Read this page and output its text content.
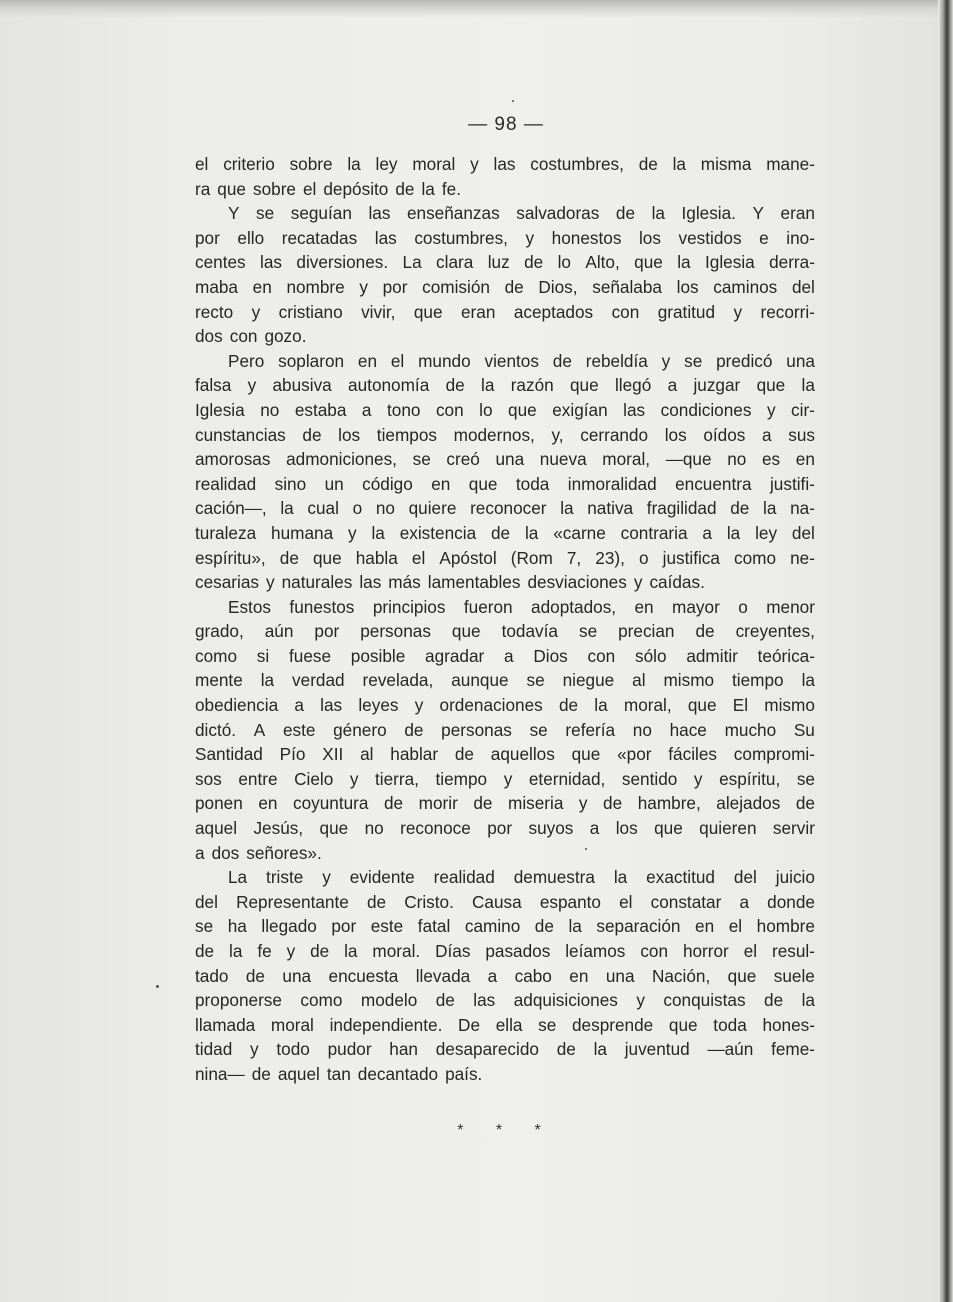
— 98 —
el criterio sobre la ley moral y las costumbres, de la misma mane-
ra que sobre el depósito de la fe.
Y se seguían las enseñanzas salvadoras de la Iglesia. Y eran
por ello recatadas las costumbres, y honestos los vestidos e ino-
centes las diversiones. La clara luz de lo Alto, que la Iglesia derra-
maba en nombre y por comisión de Dios, señalaba los caminos del
recto y cristiano vivir, que eran aceptados con gratitud y recorri-
dos con gozo.
Pero soplaron en el mundo vientos de rebeldía y se predicó una
falsa y abusiva autonomía de la razón que llegó a juzgar que la
Iglesia no estaba a tono con lo que exigían las condiciones y cir-
cunstancias de los tiempos modernos, y, cerrando los oídos a sus
amorosas admoniciones, se creó una nueva moral, —que no es en
realidad sino un código en que toda inmoralidad encuentra justifi-
cación—, la cual o no quiere reconocer la nativa fragilidad de la na-
turaleza humana y la existencia de la «carne contraria a la ley del
espíritu», de que habla el Apóstol (Rom 7, 23), o justifica como ne-
cesarias y naturales las más lamentables desviaciones y caídas.
Estos funestos principios fueron adoptados, en mayor o menor
grado, aún por personas que todavía se precian de creyentes,
como si fuese posible agradar a Dios con sólo admitir teórica-
mente la verdad revelada, aunque se niegue al mismo tiempo la
obediencia a las leyes y ordenaciones de la moral, que El mismo
dictó. A este género de personas se refería no hace mucho Su
Santidad Pío XII al hablar de aquellos que «por fáciles compromi-
sos entre Cielo y tierra, tiempo y eternidad, sentido y espíritu, se
ponen en coyuntura de morir de miseria y de hambre, alejados de
aquel Jesús, que no reconoce por suyos a los que quieren servir
a dos señores».
La triste y evidente realidad demuestra la exactitud del juicio
del Representante de Cristo. Causa espanto el constatar a donde
se ha llegado por este fatal camino de la separación en el hombre
de la fe y de la moral. Días pasados leíamos con horror el resul-
tado de una encuesta llevada a cabo en una Nación, que suele
proponerse como modelo de las adquisiciones y conquistas de la
llamada moral independiente. De ella se desprende que toda hones-
tidad y todo pudor han desaparecido de la juventud —aún feme-
nina— de aquel tan decantado país.
* * *
